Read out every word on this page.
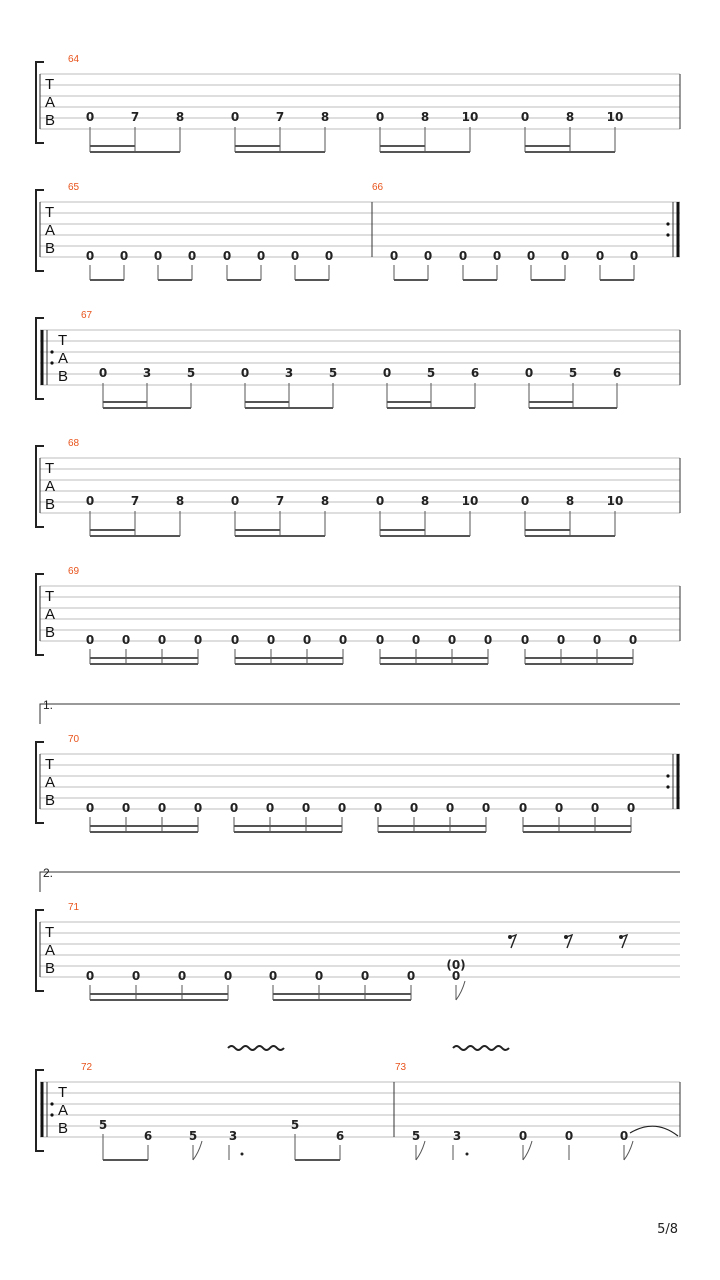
T
A
B
64
0	7	8	0	7	8	0	8	10	0	8	10
T
A
B
65	66
0 0 0 0 0 0 0 0	0 0 0 0 0 0 0 0
T
A
B
67
0	3	5	0	3	5	0	5	6	0	5	6
T
A
B
68
0	7	8	0	7	8	0	8	10	0	8	10
T
A
B
69
0 0 0 0 0 0 0 0 0 0 0 0 0 0 0 0
1.
T
A
B
70
0 0 0 0 0 0 0 0 0 0 0 0 0 0 0 0
2.
T
A
B
71
0	0	0	0	0	0	0	0
(0)
0
T
A
B
72	73
5
6	5	3
5
6	5	3	0	0	0
5/8
